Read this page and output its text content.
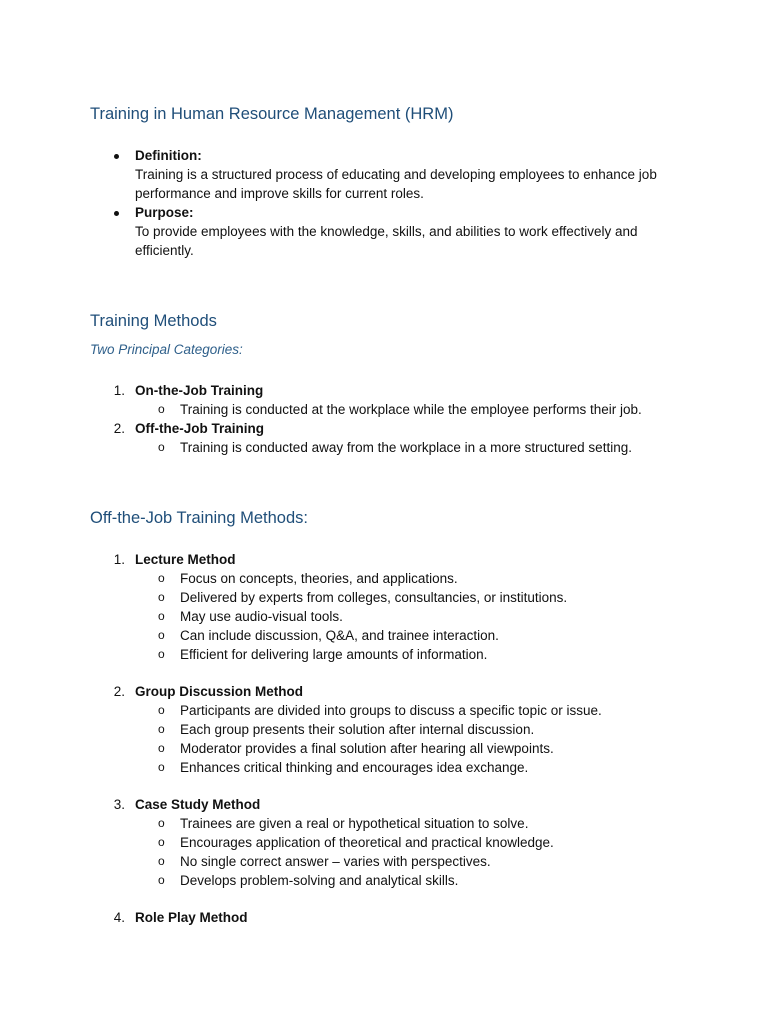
Training in Human Resource Management (HRM)
Definition:
Training is a structured process of educating and developing employees to enhance job
performance and improve skills for current roles.
Purpose:
To provide employees with the knowledge, skills, and abilities to work effectively and
efficiently.
Training Methods
Two Principal Categories:
1. On-the-Job Training
o Training is conducted at the workplace while the employee performs their job.
2. Off-the-Job Training
o Training is conducted away from the workplace in a more structured setting.
Off-the-Job Training Methods:
1. Lecture Method
o Focus on concepts, theories, and applications.
o Delivered by experts from colleges, consultancies, or institutions.
o May use audio-visual tools.
o Can include discussion, Q&A, and trainee interaction.
o Efficient for delivering large amounts of information.
2. Group Discussion Method
o Participants are divided into groups to discuss a specific topic or issue.
o Each group presents their solution after internal discussion.
o Moderator provides a final solution after hearing all viewpoints.
o Enhances critical thinking and encourages idea exchange.
3. Case Study Method
o Trainees are given a real or hypothetical situation to solve.
o Encourages application of theoretical and practical knowledge.
o No single correct answer – varies with perspectives.
o Develops problem-solving and analytical skills.
4. Role Play Method
